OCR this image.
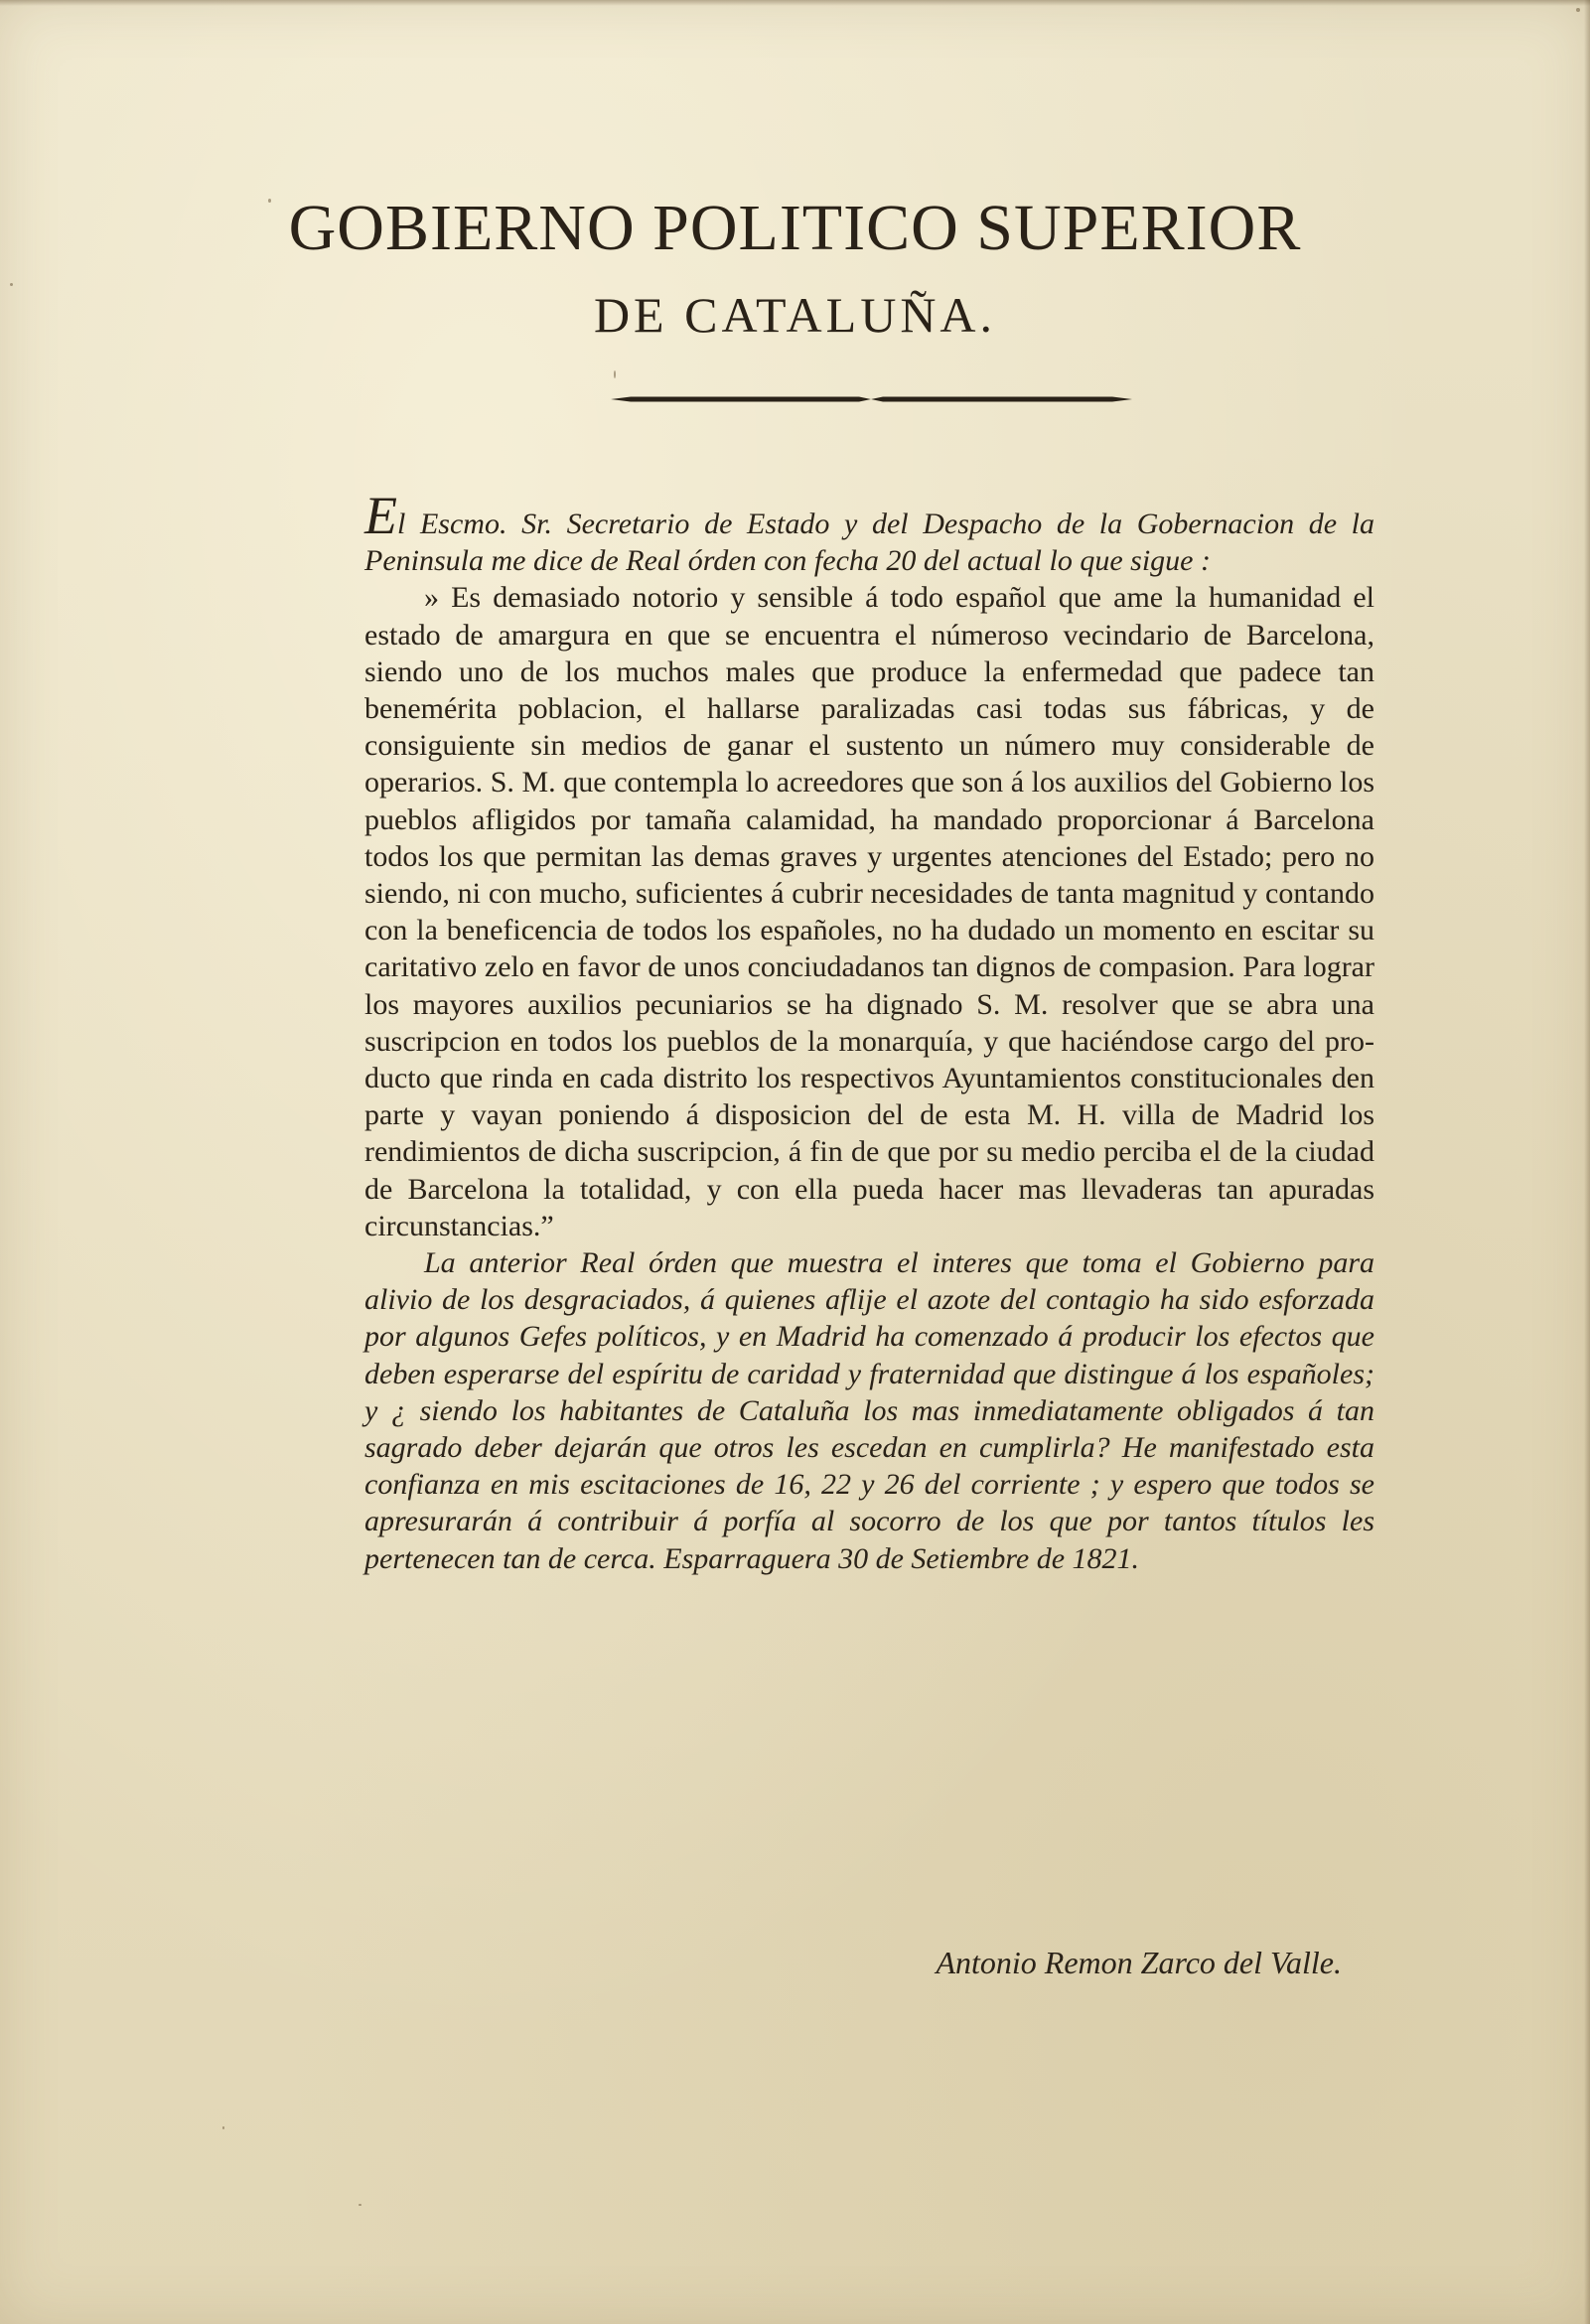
GOBIERNO POLITICO SUPERIOR
DE CATALUÑA.

El Escmo. Sr. Secretario de Estado y del Despacho de la Gobernacion de la Peninsula me dice de Real órden con fecha 20 del actual lo que sigue :

» Es demasiado notorio y sensible á todo español que ame la humanidad el estado de amargura en que se encuentra el númeroso vecindario de Barcelona, siendo uno de los muchos males que produce la enfermedad que padece tan benemérita poblacion, el hallarse paralizadas casi todas sus fábricas, y de consiguiente sin medios de ganar el sustento un número muy considerable de operarios. S. M. que contempla lo acreedores que son á los auxilios del Gobierno los pueblos afligidos por tamaña calamidad, ha mandado proporcionar á Barcelona todos los que permitan las demas graves y urgentes atenciones del Estado; pero no siendo, ni con mucho, suficientes á cubrir necesidades de tanta magnitud y contando con la beneficencia de todos los españoles, no ha dudado un momento en escitar su caritativo zelo en favor de unos conciudadanos tan dignos de compasion. Para lograr los mayores auxilios pecuniarios se ha dignado S. M. resolver que se abra una suscripcion en todos los pueblos de la monarquía, y que haciéndose cargo del producto que rinda en cada distrito los respectivos Ayuntamientos constitucionales den parte y vayan poniendo á disposicion del de esta M. H. villa de Madrid los rendimientos de dicha suscripcion, á fin de que por su medio perciba el de la ciudad de Barcelona la totalidad, y con ella pueda hacer mas llevaderas tan apuradas circunstancias.”

La anterior Real órden que muestra el interes que toma el Gobierno para alivio de los desgraciados, á quienes aflije el azote del contagio ha sido esforzada por algunos Gefes políticos, y en Madrid ha comenzado á producir los efectos que deben esperarse del espíritu de caridad y fraternidad que distingue á los españoles; y ¿ siendo los habitantes de Cataluña los mas inmediatamente obligados á tan sagrado deber dejarán que otros les escedan en cumplirla? He manifestado esta confianza en mis escitaciones de 16, 22 y 26 del corriente ; y espero que todos se apresurarán á contribuir á porfía al socorro de los que por tantos títulos les pertenecen tan de cerca. Esparraguera 30 de Setiembre de 1821.

Antonio Remon Zarco del Valle.
